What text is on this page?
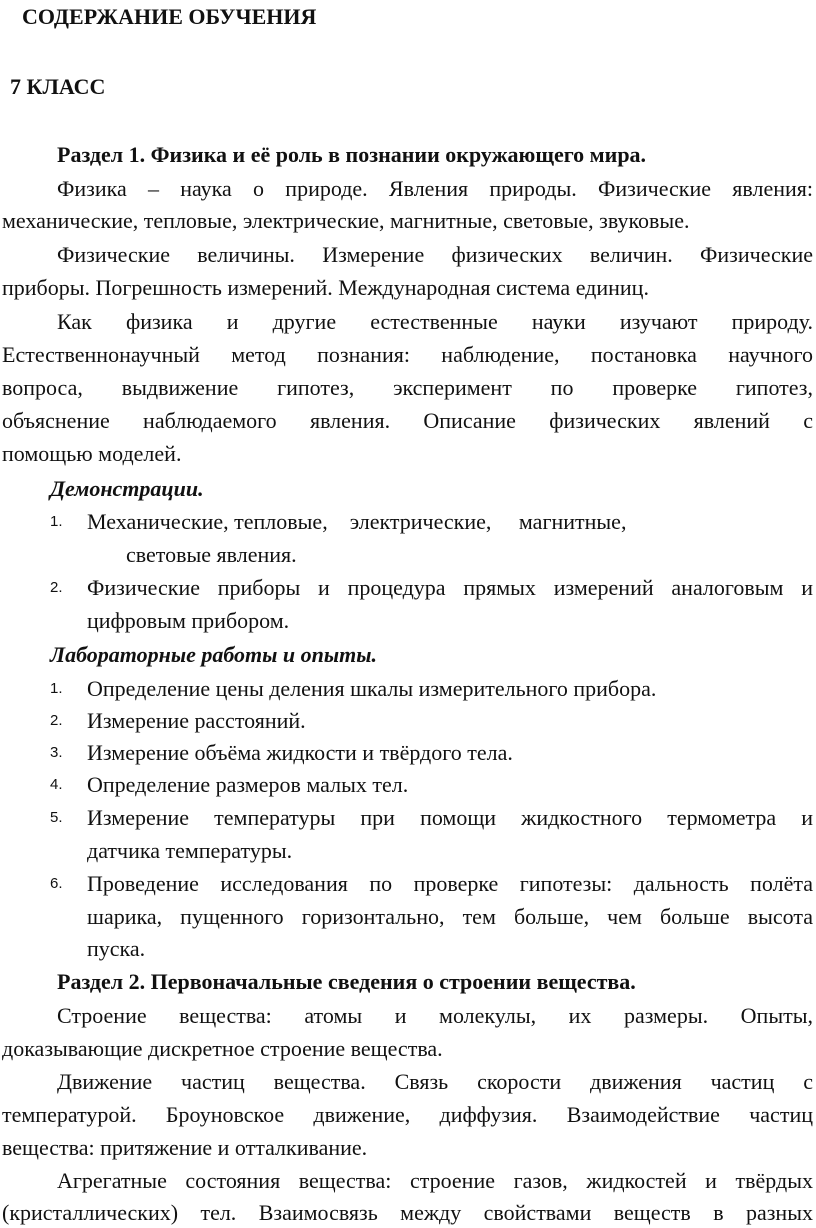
СОДЕРЖАНИЕ ОБУЧЕНИЯ
7 КЛАСС
Раздел 1. Физика и её роль в познании окружающего мира.
Физика – наука о природе. Явления природы. Физические явления:
механические, тепловые, электрические, магнитные, световые, звуковые.
Физические величины. Измерение физических величин. Физические
приборы. Погрешность измерений. Международная система единиц.
Как физика и другие естественные науки изучают природу.
Естественнонаучный метод познания: наблюдение, постановка научного
вопроса, выдвижение гипотез, эксперимент по проверке гипотез,
объяснение наблюдаемого явления. Описание физических явлений с
помощью моделей.
Демонстрации.
1. Механические, тепловые,    электрические,     магнитные,
световые явления.
2. Физические приборы и процедура прямых измерений аналоговым и
цифровым прибором.
Лабораторные работы и опыты.
1. Определение цены деления шкалы измерительного прибора.
2. Измерение расстояний.
3. Измерение объёма жидкости и твёрдого тела.
4. Определение размеров малых тел.
5. Измерение температуры при помощи жидкостного термометра и
датчика температуры.
6. Проведение исследования по проверке гипотезы: дальность полёта
шарика, пущенного горизонтально, тем больше, чем больше высота
пуска.
Раздел 2. Первоначальные сведения о строении вещества.
Строение вещества: атомы и молекулы, их размеры. Опыты,
доказывающие дискретное строение вещества.
Движение частиц вещества. Связь скорости движения частиц с
температурой. Броуновское движение, диффузия. Взаимодействие частиц
вещества: притяжение и отталкивание.
Агрегатные состояния вещества: строение газов, жидкостей и твёрдых
(кристаллических) тел. Взаимосвязь между свойствами веществ в разных
